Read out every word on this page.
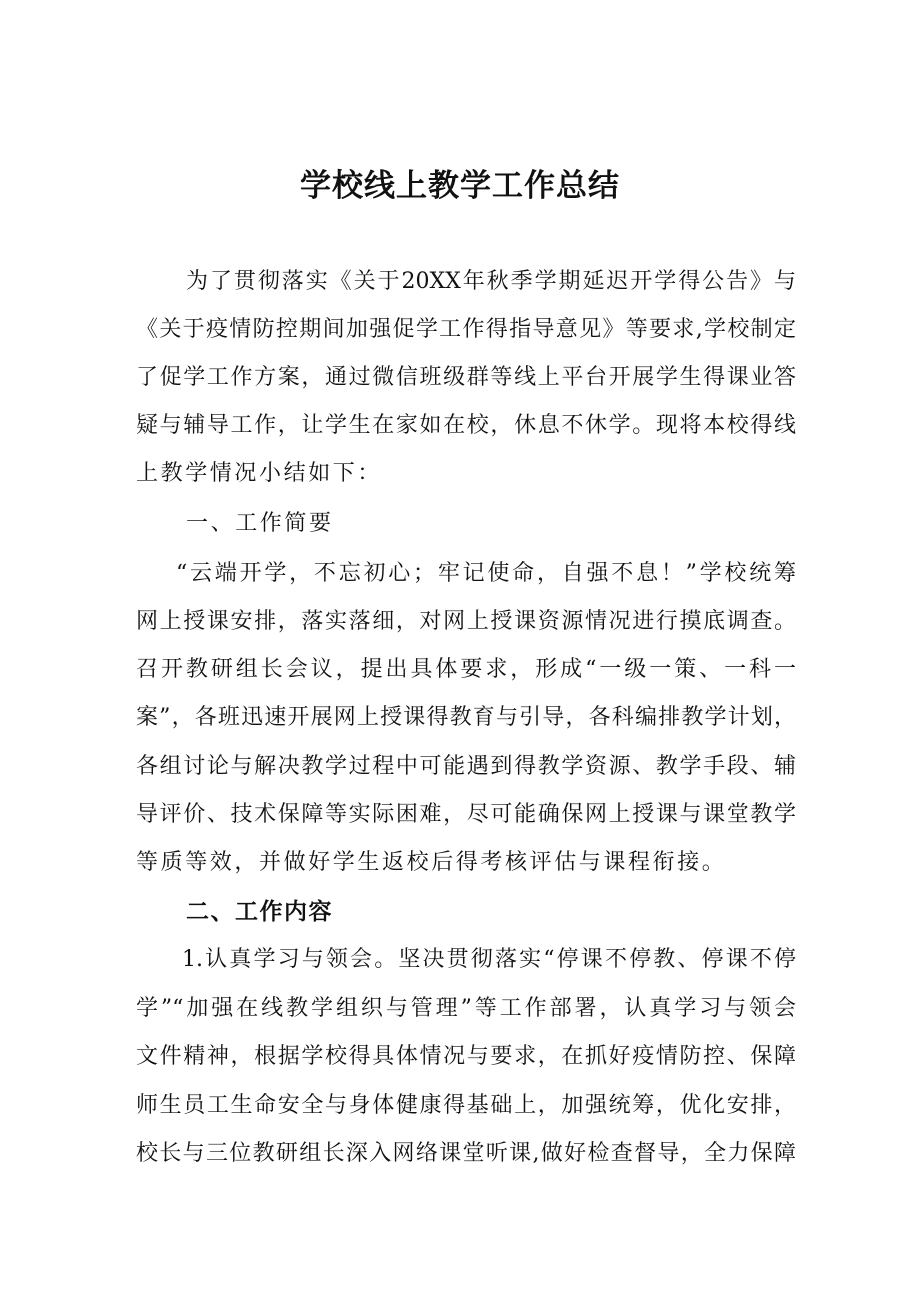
学校线上教学工作总结
为了贯彻落实《关于20XX年秋季学期延迟开学得公告》与
《关于疫情防控期间加强促学工作得指导意见》等要求,学校制定
了促学工作方案，通过微信班级群等线上平台开展学生得课业答
疑与辅导工作，让学生在家如在校，休息不休学。现将本校得线
上教学情况小结如下：
一、工作简要
“云端开学，不忘初心；牢记使命，自强不息！”学校统筹
网上授课安排，落实落细，对网上授课资源情况进行摸底调查。
召开教研组长会议，提出具体要求，形成“一级一策、一科一
案”，各班迅速开展网上授课得教育与引导，各科编排教学计划，
各组讨论与解决教学过程中可能遇到得教学资源、教学手段、辅
导评价、技术保障等实际困难，尽可能确保网上授课与课堂教学
等质等效，并做好学生返校后得考核评估与课程衔接。
二、工作内容
1.认真学习与领会。坚决贯彻落实“停课不停教、停课不停
学”“加强在线教学组织与管理”等工作部署，认真学习与领会
文件精神，根据学校得具体情况与要求，在抓好疫情防控、保障
师生员工生命安全与身体健康得基础上，加强统筹，优化安排，
校长与三位教研组长深入网络课堂听课,做好检查督导，全力保障
